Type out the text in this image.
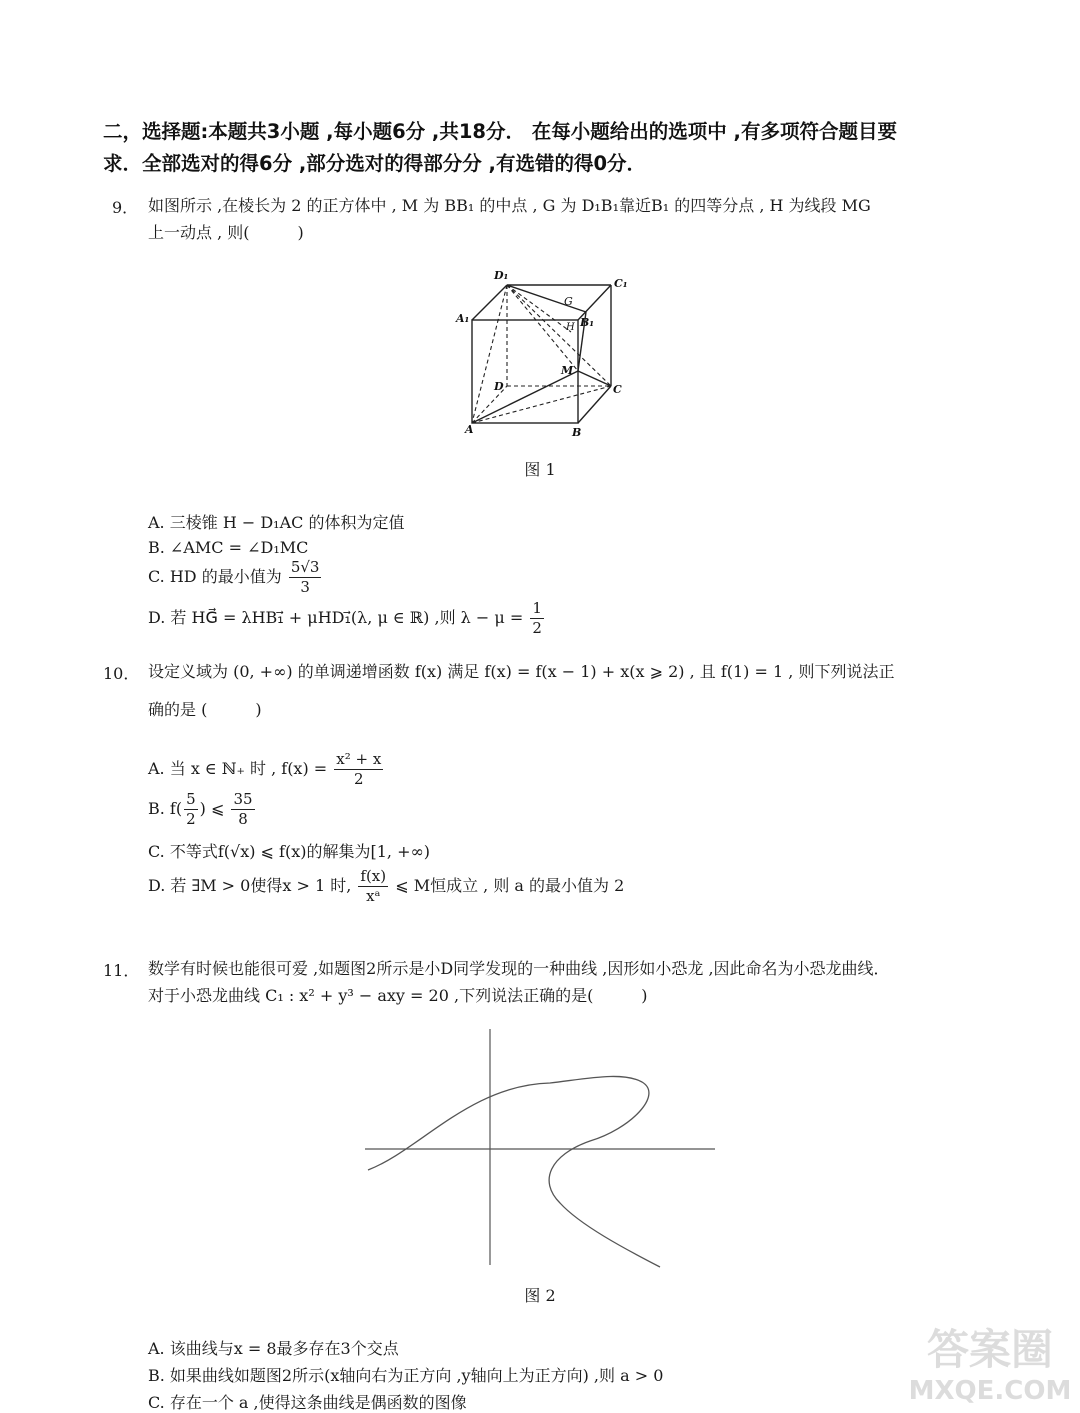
二，选择题:本题共3小题 ,每小题6分 ,共18分． 在每小题给出的选项中 ,有多项符合题目要
求．全部选对的得6分 ,部分选对的得部分分 ,有选错的得0分．
9． 如图所示 ,在棱长为 2 的正方体中 , M 为 BB₁ 的中点 , G 为 D₁B₁靠近B₁ 的四等分点 , H 为线段 MG
上一动点 , 则(　　　)
D₁
C₁
A₁	B₁
G
H
D
M
C
A	B
图 1
A. 三棱锥 H − D₁AC 的体积为定值
B. ∠AMC = ∠D₁MC
C. HD 的最小值为 $\frac{5√3}{3}$
D. 若 HG⃗ = λHB₁⃗ + μHD₁⃗(λ, μ ∈ ℝ) ,则 $\lambda - \mu = \frac{1}{2}$
10． 设定义域为 (0, +∞) 的单调递增函数 f(x) 满足 f(x) = f(x − 1) + x(x ⩾ 2) , 且 f(1) = 1 , 则下列说法正
确的是 (　　　)
A. 当 x ∈ ℕ₊ 时 , $f(x) = \frac{\text{x² + x}}{2}$
B. $f( \frac{5}{2}$ ) ⩽ $\frac{35}{8}$
C. 不等式f(√x) ⩽ f(x)的解集为[1, +∞)
D. 若 ∃M > 0使得x > 1 时, $\frac{f(x)}{\text{xᵃ}}$ ⩽ M恒成立 , 则 a 的最小值为 2
11． 数学有时候也能很可爱 ,如题图2所示是小D同学发现的一种曲线 ,因形如小恐龙 ,因此命名为小恐龙曲线．
对于小恐龙曲线 C₁ : x² + y³ − axy = 20 ,下列说法正确的是(　　　)
图 2
A. 该曲线与x = 8最多存在3个交点
B. 如果曲线如题图2所示(x轴向右为正方向 ,y轴向上为正方向) ,则 a > 0
C. 存在一个 a ,使得这条曲线是偶函数的图像
答案圈
MXQE.COM
